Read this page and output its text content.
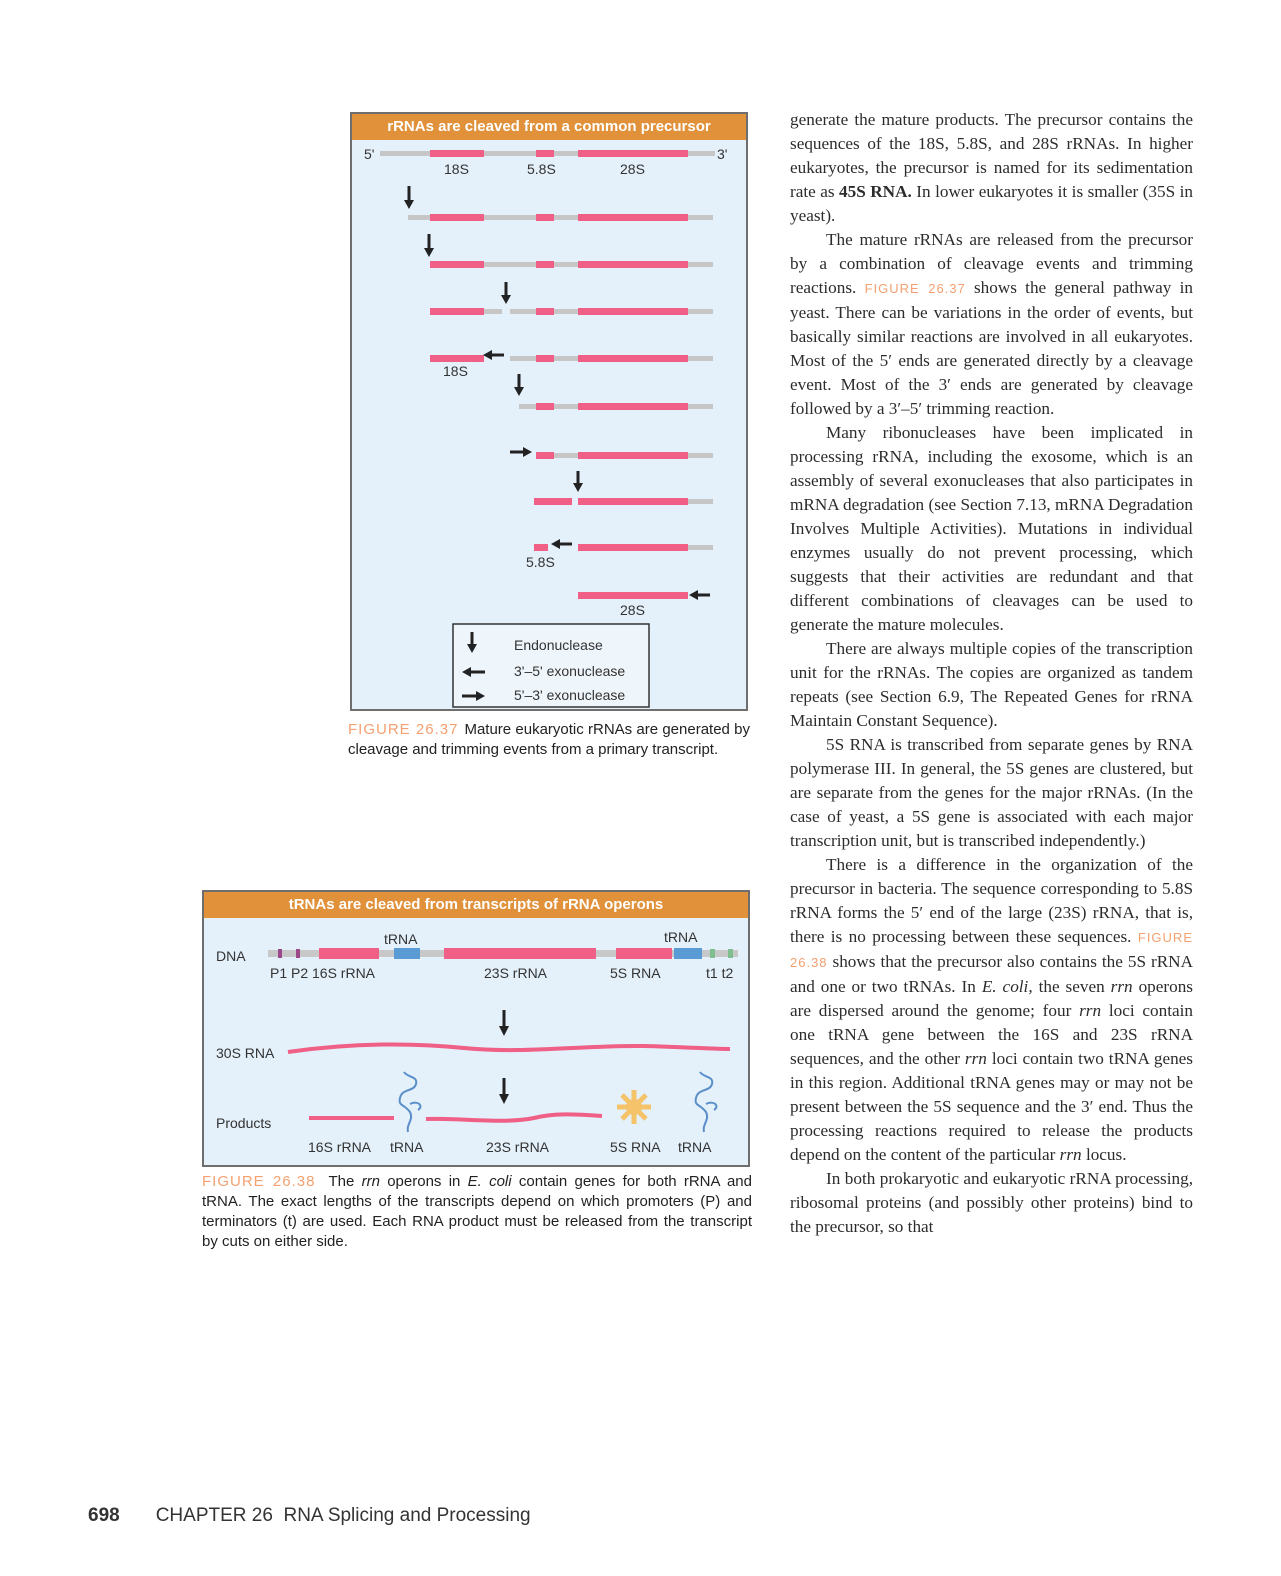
rRNAs are cleaved from a common precursor
5'	3'
18S	5.8S	28S
18S
5.8S
28S
Endonuclease
3'–5' exonuclease
5'–3' exonuclease
FIGURE 26.37 Mature eukaryotic rRNAs are generated by cleavage and trimming events from a primary transcript.
tRNAs are cleaved from transcripts of rRNA operons
tRNA	tRNA
DNA
P1 P2 16S rRNA	23S rRNA	5S RNA	t1 t2
30S RNA
Products
16S rRNA tRNA	23S rRNA	5S RNA tRNA
FIGURE 26.38 The rrn operons in E. coli contain genes for both rRNA and tRNA. The exact lengths of the transcripts depend on which promoters (P) and terminators (t) are used. Each RNA product must be released from the transcript by cuts on either side.

generate the mature products. The precursor contains the sequences of the 18S, 5.8S, and 28S rRNAs. In higher eukaryotes, the precursor is named for its sedimentation rate as 45S RNA. In lower eukaryotes it is smaller (35S in yeast).

The mature rRNAs are released from the precursor by a combination of cleavage events and trimming reactions. FIGURE 26.37 shows the general pathway in yeast. There can be variations in the order of events, but basically similar reactions are involved in all eukaryotes. Most of the 5′ ends are generated directly by a cleavage event. Most of the 3′ ends are generated by cleavage followed by a 3′–5′ trimming reaction.

Many ribonucleases have been implicated in processing rRNA, including the exosome, which is an assembly of several exonucleases that also participates in mRNA degradation (see Section 7.13, mRNA Degradation Involves Multiple Activities). Mutations in individual enzymes usually do not prevent processing, which suggests that their activities are redundant and that different combinations of cleavages can be used to generate the mature molecules.

There are always multiple copies of the transcription unit for the rRNAs. The copies are organized as tandem repeats (see Section 6.9, The Repeated Genes for rRNA Maintain Constant Sequence).

5S RNA is transcribed from separate genes by RNA polymerase III. In general, the 5S genes are clustered, but are separate from the genes for the major rRNAs. (In the case of yeast, a 5S gene is associated with each major transcription unit, but is transcribed independently.)

There is a difference in the organization of the precursor in bacteria. The sequence corresponding to 5.8S rRNA forms the 5′ end of the large (23S) rRNA, that is, there is no processing between these sequences. FIGURE 26.38 shows that the precursor also contains the 5S rRNA and one or two tRNAs. In E. coli, the seven rrn operons are dispersed around the genome; four rrn loci contain one tRNA gene between the 16S and 23S rRNA sequences, and the other rrn loci contain two tRNA genes in this region. Additional tRNA genes may or may not be present between the 5S sequence and the 3′ end. Thus the processing reactions required to release the products depend on the content of the particular rrn locus.

In both prokaryotic and eukaryotic rRNA processing, ribosomal proteins (and possibly other proteins) bind to the precursor, so that

698 CHAPTER 26 RNA Splicing and Processing
